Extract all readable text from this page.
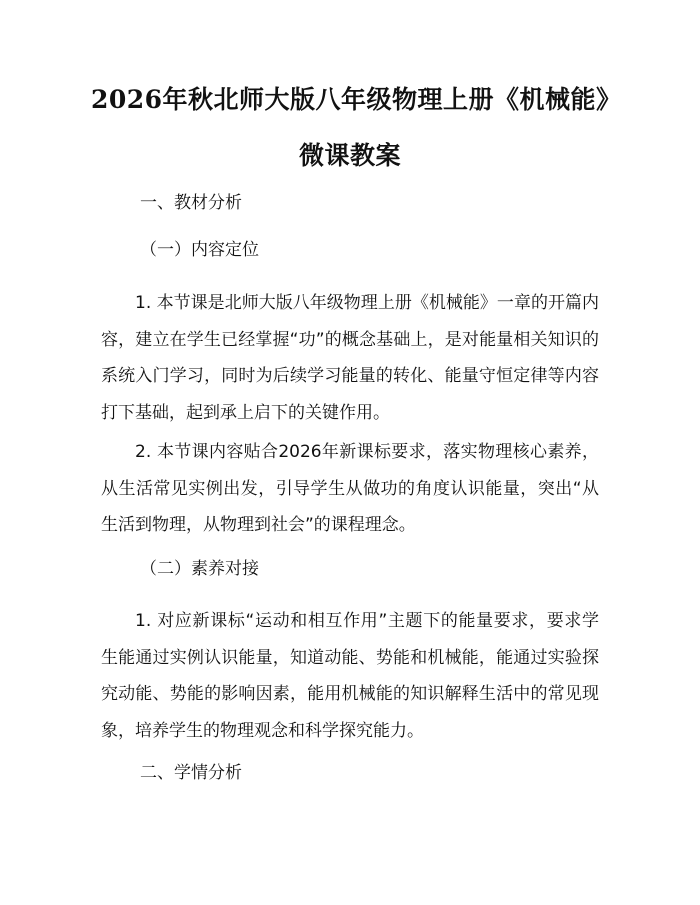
2026年秋北师大版八年级物理上册《机械能》微课教案
一、教材分析
（一）内容定位
1. 本节课是北师大版八年级物理上册《机械能》一章的开篇内容，建立在学生已经掌握“功”的概念基础上，是对能量相关知识的系统入门学习，同时为后续学习能量的转化、能量守恒定律等内容打下基础，起到承上启下的关键作用。
2. 本节课内容贴合2026年新课标要求，落实物理核心素养，从生活常见实例出发，引导学生从做功的角度认识能量，突出“从生活到物理，从物理到社会”的课程理念。
（二）素养对接
1. 对应新课标“运动和相互作用”主题下的能量要求，要求学生能通过实例认识能量，知道动能、势能和机械能，能通过实验探究动能、势能的影响因素，能用机械能的知识解释生活中的常见现象，培养学生的物理观念和科学探究能力。
二、学情分析
